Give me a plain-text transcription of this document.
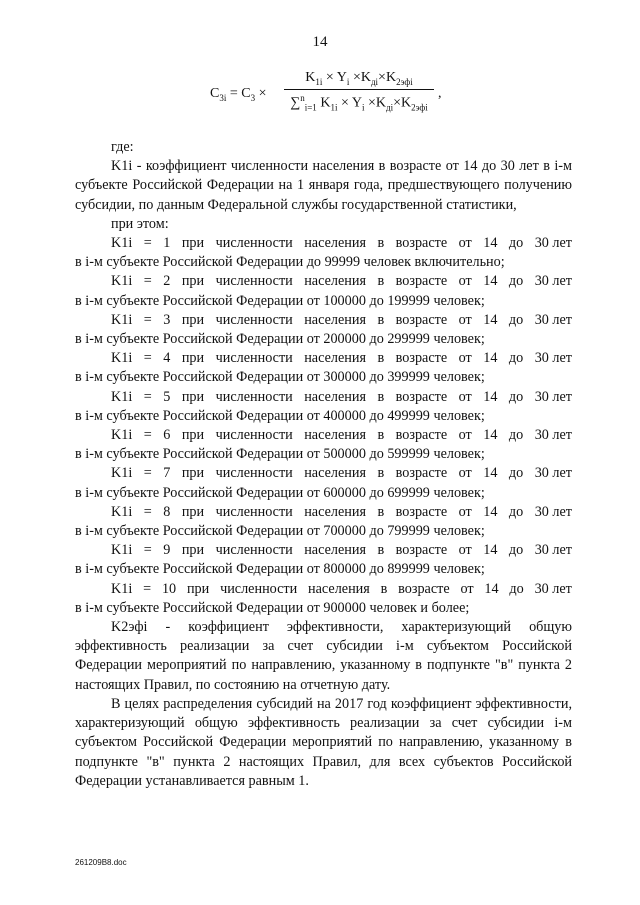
14
$C_{3i} = C_3$ ×
$K_{1i} \times Y_i \times K_{дi}\times K_{2эфi}$
∑$^n_{i=1}$ $K_{1i} \times Y_i \times K_{дi}\times K_{2эфi}$
,

где:

K1i - коэффициент численности населения в возрасте от 14 до 30 лет в i-м субъекте Российской Федерации на 1 января года, предшествующего получению субсидии, по данным Федеральной службы государственной статистики,

при этом:

K1i = 1 при численности населения в возрасте от 14 до 30 лет
в i-м субъекте Российской Федерации до 99999 человек включительно;
K1i = 2 при численности населения в возрасте от 14 до 30 лет
в i-м субъекте Российской Федерации от 100000 до 199999 человек;
K1i = 3 при численности населения в возрасте от 14 до 30 лет
в i-м субъекте Российской Федерации от 200000 до 299999 человек;
K1i = 4 при численности населения в возрасте от 14 до 30 лет
в i-м субъекте Российской Федерации от 300000 до 399999 человек;
K1i = 5 при численности населения в возрасте от 14 до 30 лет
в i-м субъекте Российской Федерации от 400000 до 499999 человек;
K1i = 6 при численности населения в возрасте от 14 до 30 лет
в i-м субъекте Российской Федерации от 500000 до 599999 человек;
K1i = 7 при численности населения в возрасте от 14 до 30 лет
в i-м субъекте Российской Федерации от 600000 до 699999 человек;
K1i = 8 при численности населения в возрасте от 14 до 30 лет
в i-м субъекте Российской Федерации от 700000 до 799999 человек;
K1i = 9 при численности населения в возрасте от 14 до 30 лет
в i-м субъекте Российской Федерации от 800000 до 899999 человек;
K1i = 10 при численности населения в возрасте от 14 до 30 лет
в i-м субъекте Российской Федерации от 900000 человек и более;

K2эфi - коэффициент эффективности, характеризующий общую эффективность реализации за счет субсидии i-м субъектом Российской Федерации мероприятий по направлению, указанному в подпункте "в" пункта 2 настоящих Правил, по состоянию на отчетную дату.

В целях распределения субсидий на 2017 год коэффициент эффективности, характеризующий общую эффективность реализации за счет субсидии i-м субъектом Российской Федерации мероприятий по направлению, указанному в подпункте "в" пункта 2 настоящих Правил, для всех субъектов Российской Федерации устанавливается равным 1.

261209B8.doc
